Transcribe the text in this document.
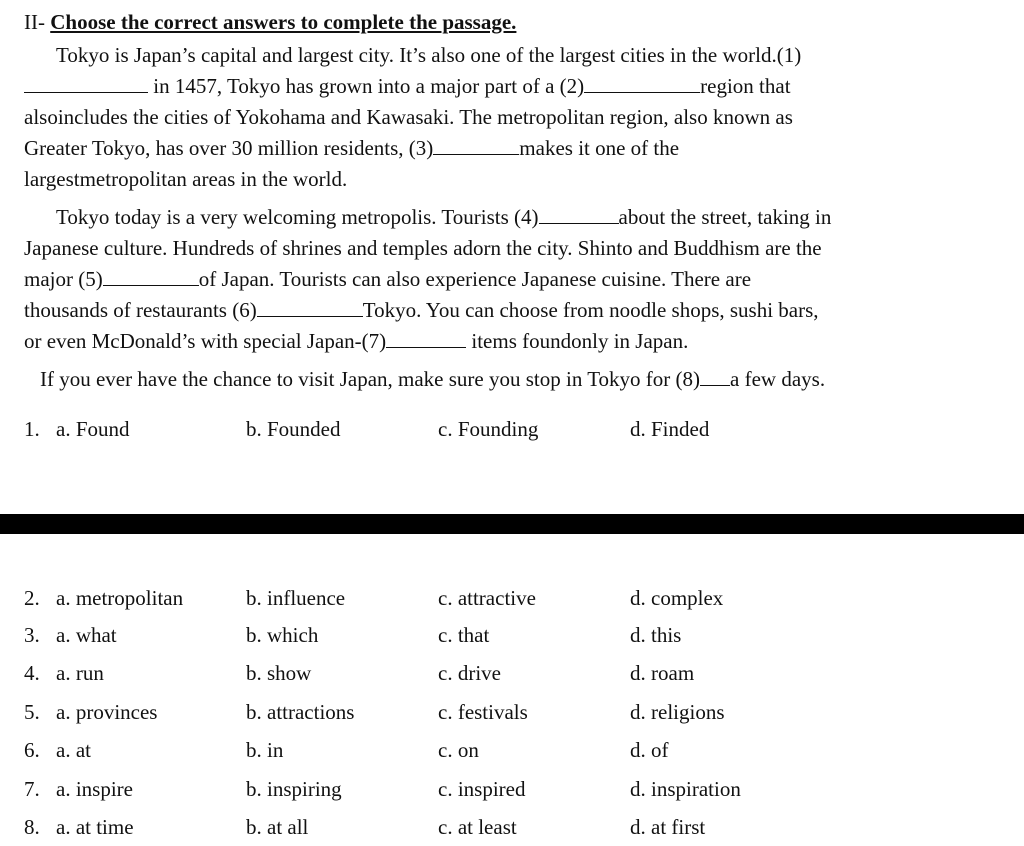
II- Choose the correct answers to complete the passage.
Tokyo is Japan’s capital and largest city. It’s also one of the largest cities in the world.(1)
in 1457, Tokyo has grown into a major part of a (2)	region that
alsoincludes the cities of Yokohama and Kawasaki. The metropolitan region, also known as
Greater Tokyo, has over 30 million residents, (3)	makes it one of the
largestmetropolitan areas in the world.
Tokyo today is a very welcoming metropolis. Tourists (4)	about the street, taking in
Japanese culture. Hundreds of shrines and temples adorn the city. Shinto and Buddhism are the
major (5)	of Japan. Tourists can also experience Japanese cuisine. There are
thousands of restaurants (6)	Tokyo. You can choose from noodle shops, sushi bars,
or even McDonald’s with special Japan-(7)	items foundonly in Japan.
If you ever have the chance to visit Japan, make sure you stop in Tokyo for (8) a few days.
1. a. Found	b. Founded	c. Founding	d. Finded
2. a. metropolitan	b. influence	c. attractive	d. complex
3. a. what	b. which	c. that	d. this
4. a. run	b. show	c. drive	d. roam
5. a. provinces	b. attractions	c. festivals	d. religions
6. a. at	b. in	c. on	d. of
7. a. inspire	b. inspiring	c. inspired	d. inspiration
8. a. at time	b. at all	c. at least	d. at first
